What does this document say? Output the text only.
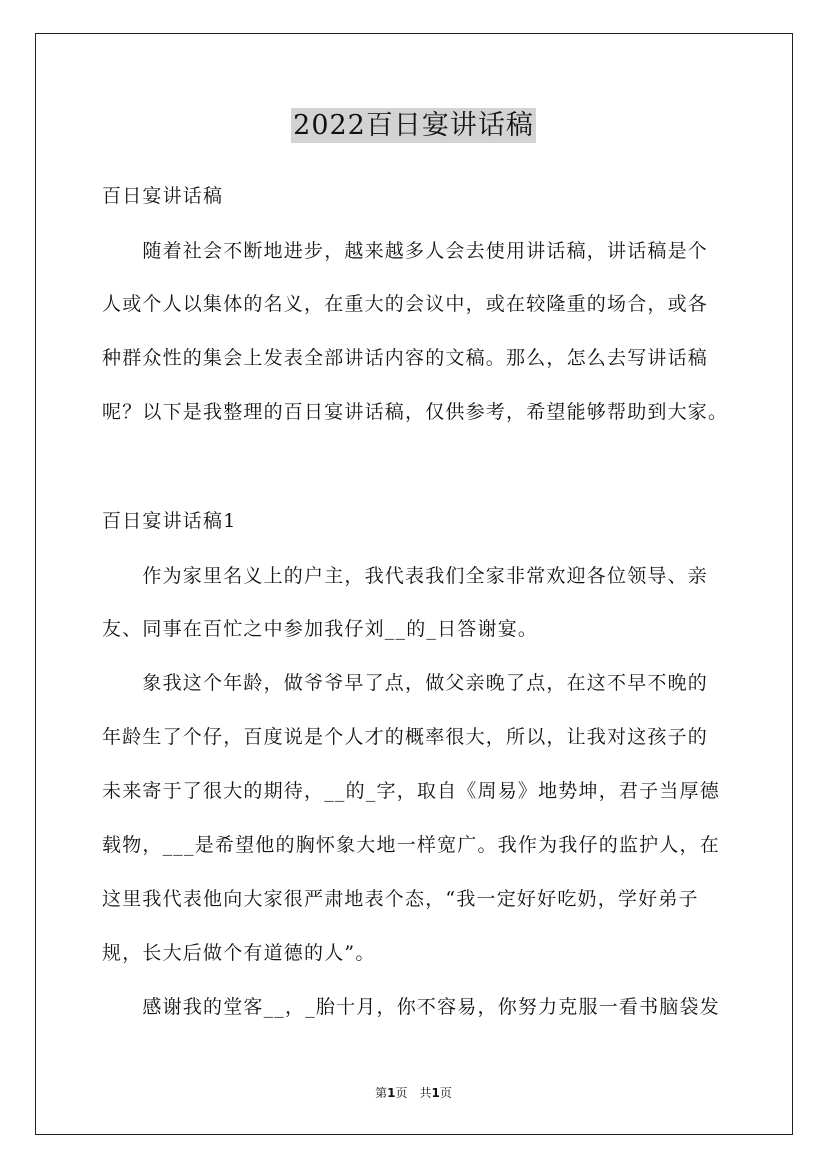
2022百日宴讲话稿
百日宴讲话稿
　　随着社会不断地进步，越来越多人会去使用讲话稿，讲话稿是个
人或个人以集体的名义，在重大的会议中，或在较隆重的场合，或各
种群众性的集会上发表全部讲话内容的文稿。那么，怎么去写讲话稿
呢？以下是我整理的百日宴讲话稿，仅供参考，希望能够帮助到大家。
百日宴讲话稿1
　　作为家里名义上的户主，我代表我们全家非常欢迎各位领导、亲
友、同事在百忙之中参加我仔刘__的_日答谢宴。
　　象我这个年龄，做爷爷早了点，做父亲晚了点，在这不早不晚的
年龄生了个仔，百度说是个人才的概率很大，所以，让我对这孩子的
未来寄于了很大的期待，__的_字，取自《周易》地势坤，君子当厚德
载物，___是希望他的胸怀象大地一样宽广。我作为我仔的监护人，在
这里我代表他向大家很严肃地表个态，“我一定好好吃奶，学好弟子
规，长大后做个有道德的人”。
　　感谢我的堂客__，_胎十月，你不容易，你努力克服一看书脑袋发
第1页　共1页
